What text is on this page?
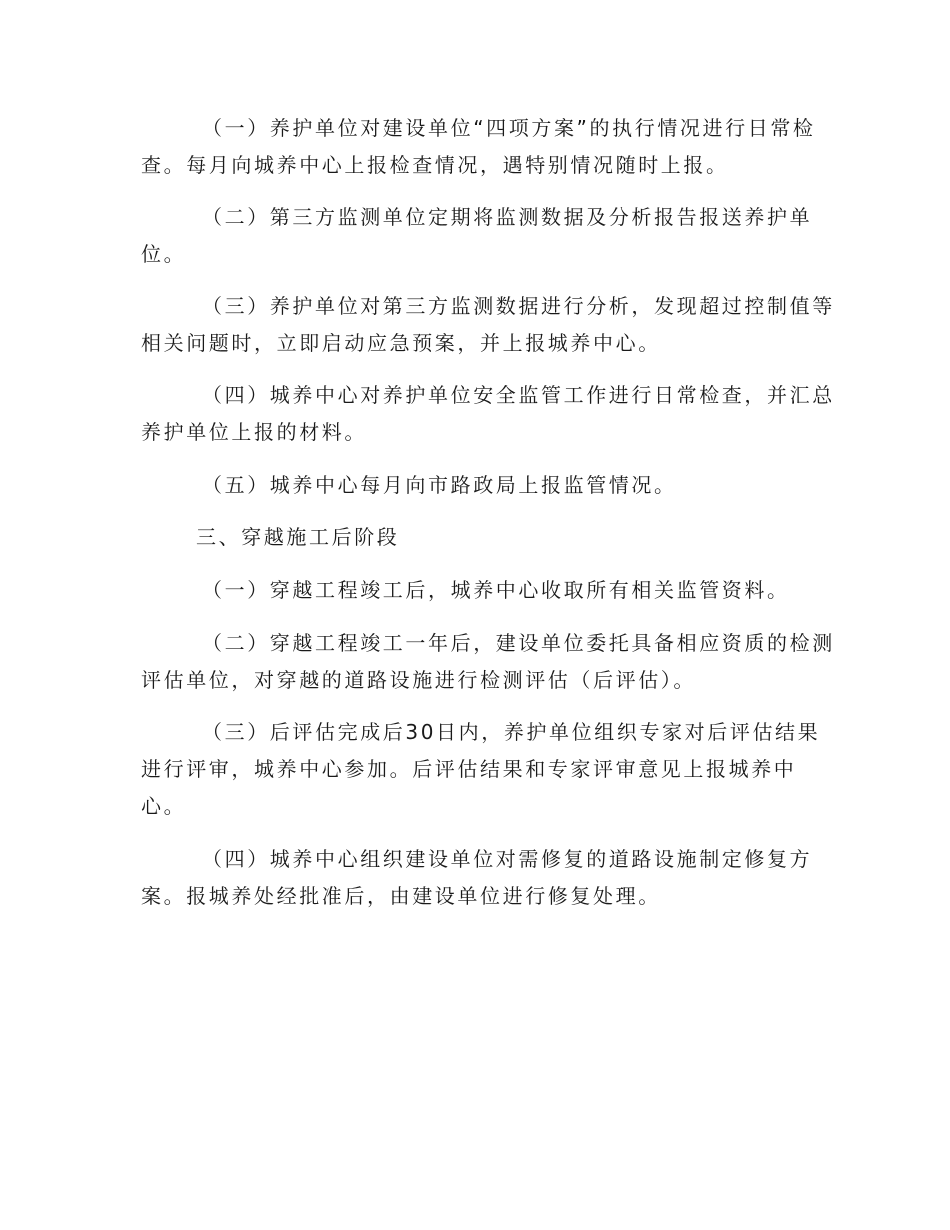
（一）养护单位对建设单位“四项方案”的执行情况进行日常检
查。每月向城养中心上报检查情况，遇特别情况随时上报。
（二）第三方监测单位定期将监测数据及分析报告报送养护单
位。
（三）养护单位对第三方监测数据进行分析，发现超过控制值等
相关问题时，立即启动应急预案，并上报城养中心。
（四）城养中心对养护单位安全监管工作进行日常检查，并汇总
养护单位上报的材料。
（五）城养中心每月向市路政局上报监管情况。
三、穿越施工后阶段
（一）穿越工程竣工后，城养中心收取所有相关监管资料。
（二）穿越工程竣工一年后，建设单位委托具备相应资质的检测
评估单位，对穿越的道路设施进行检测评估（后评估）。
（三）后评估完成后30日内，养护单位组织专家对后评估结果
进行评审，城养中心参加。后评估结果和专家评审意见上报城养中
心。
（四）城养中心组织建设单位对需修复的道路设施制定修复方
案。报城养处经批准后，由建设单位进行修复处理。
